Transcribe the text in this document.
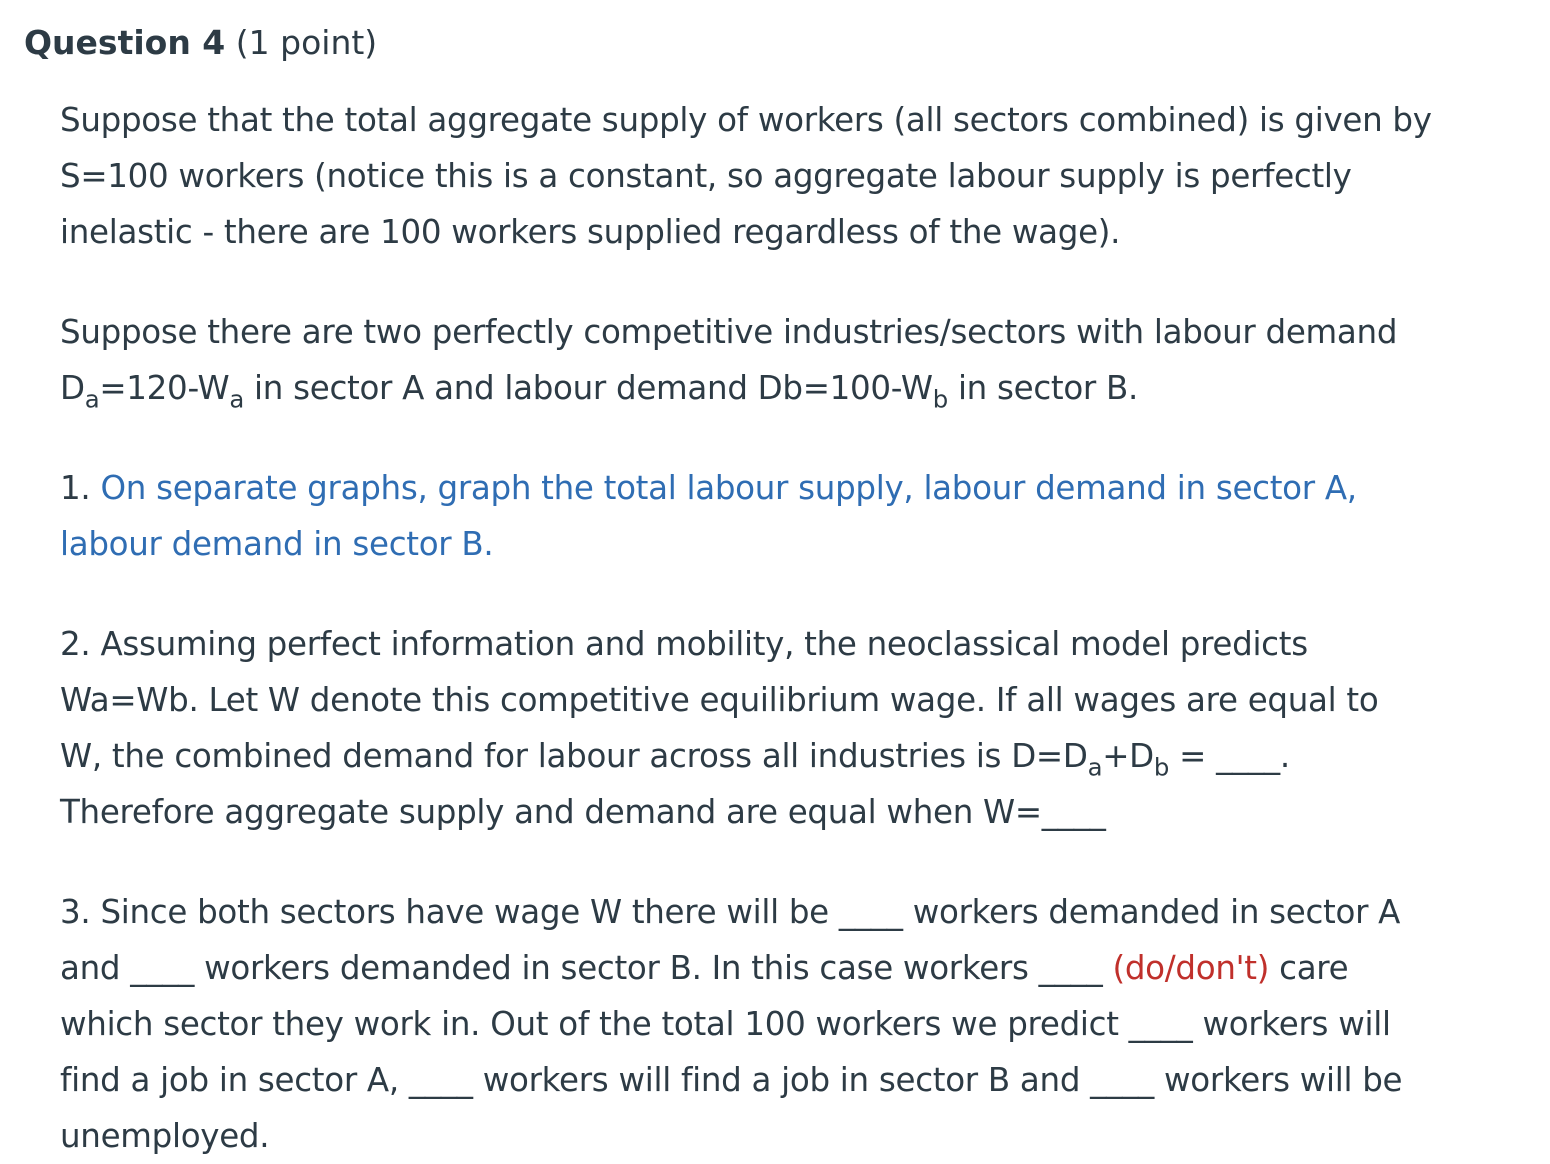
Question 4 (1 point)

Suppose that the total aggregate supply of workers (all sectors combined) is given by
S=100 workers (notice this is a constant, so aggregate labour supply is perfectly
inelastic - there are 100 workers supplied regardless of the wage).

Suppose there are two perfectly competitive industries/sectors with labour demand
$D_a=120-W_a$ in sector A and labour demand $Db=100-W_b$ in sector B.

1. On separate graphs, graph the total labour supply, labour demand in sector A,
labour demand in sector B.

2. Assuming perfect information and mobility, the neoclassical model predicts
Wa=Wb. Let W denote this competitive equilibrium wage. If all wages are equal to
W, the combined demand for labour across all industries is $D=D_a+D_b$ = ____.
Therefore aggregate supply and demand are equal when W=____

3. Since both sectors have wage W there will be ____ workers demanded in sector A
and ____ workers demanded in sector B. In this case workers ____ (do/don't) care
which sector they work in. Out of the total 100 workers we predict ____ workers will
find a job in sector A, ____ workers will find a job in sector B and ____ workers will be
unemployed.
